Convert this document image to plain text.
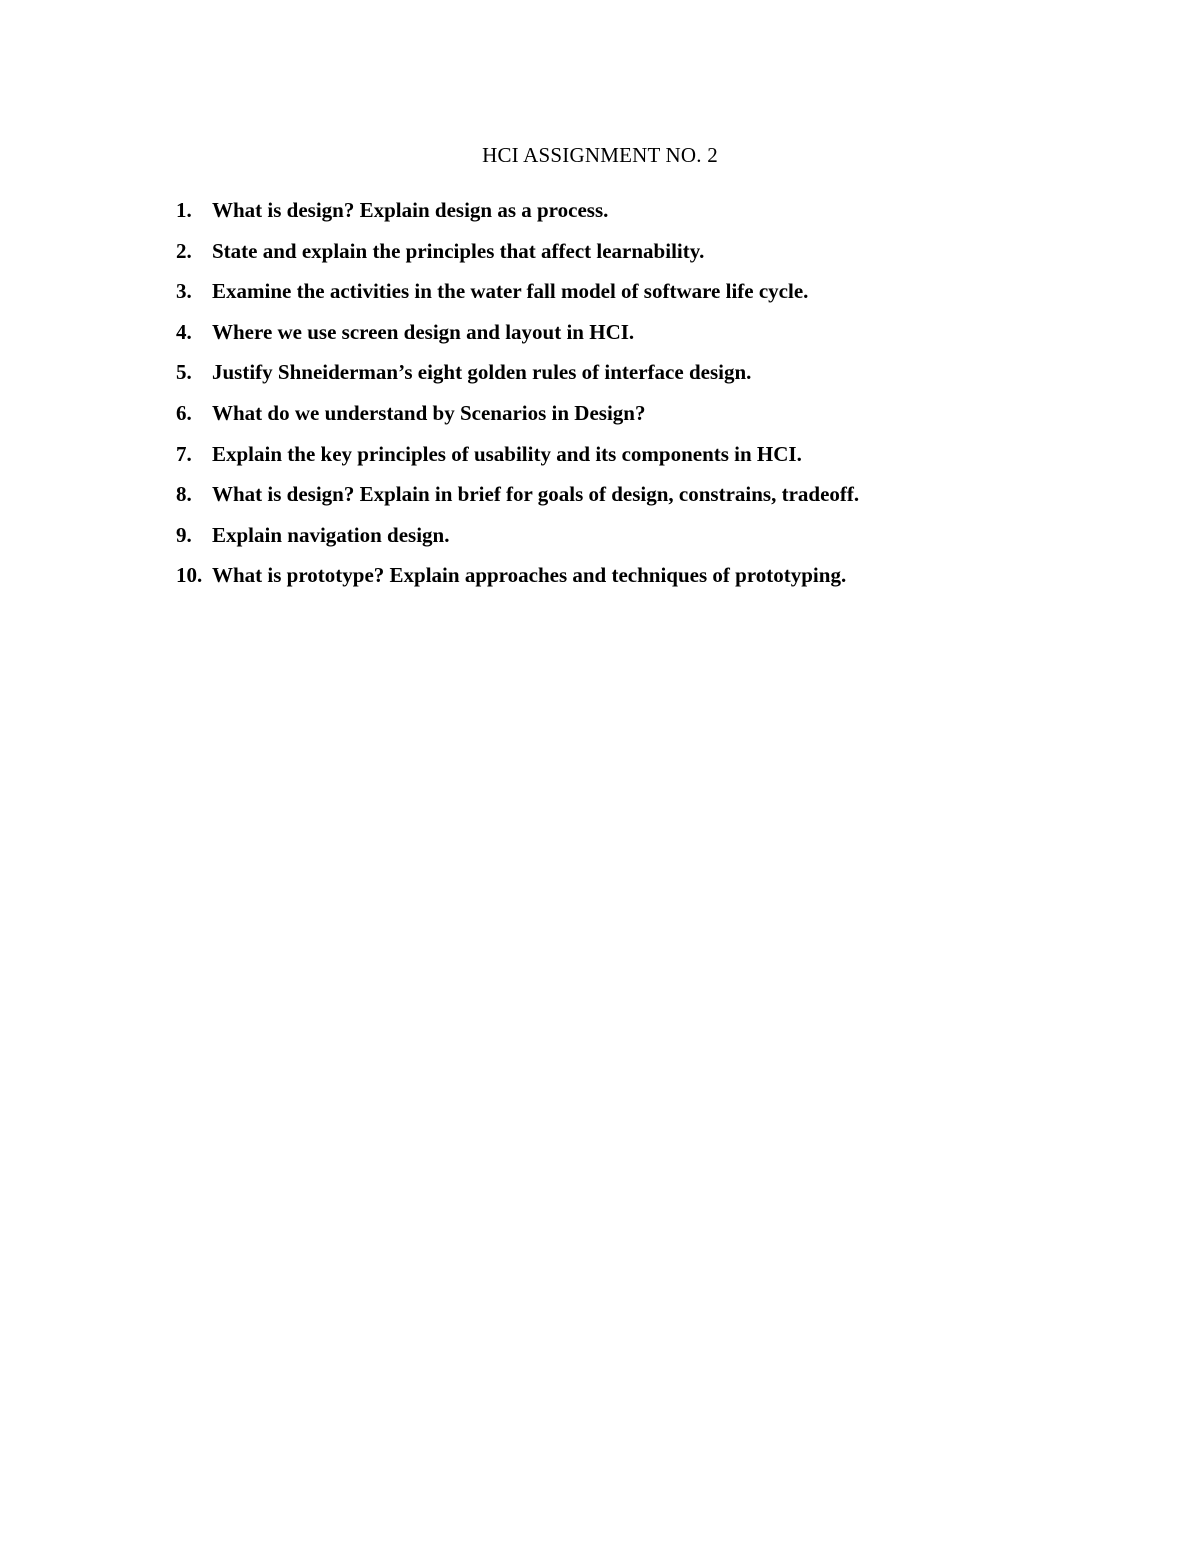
HCI ASSIGNMENT NO. 2
1. What is design? Explain design as a process.
2. State and explain the principles that affect learnability.
3. Examine the activities in the water fall model of software life cycle.
4. Where we use screen design and layout in HCI.
5. Justify Shneiderman’s eight golden rules of interface design.
6. What do we understand by Scenarios in Design?
7. Explain the key principles of usability and its components in HCI.
8. What is design? Explain in brief for goals of design, constrains, tradeoff.
9. Explain navigation design.
10. What is prototype? Explain approaches and techniques of prototyping.
